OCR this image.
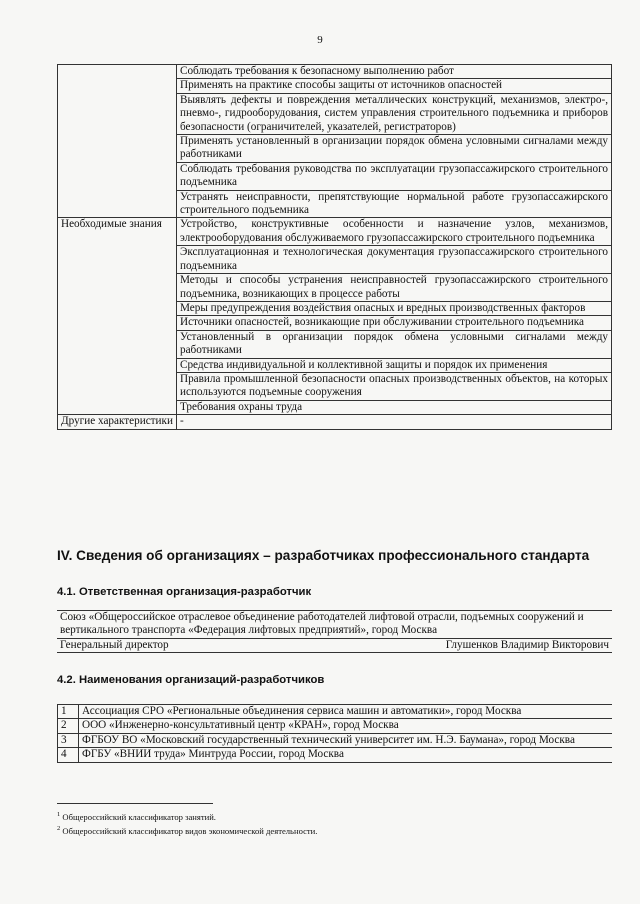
9
	Соблюдать требования к безопасному выполнению работ
	Применять на практике способы защиты от источников опасностей
	Выявлять дефекты и повреждения металлических конструкций, механизмов, электро-, пневмо-, гидрооборудования, систем управления строительного подъемника и приборов безопасности (ограничителей, указателей, регистраторов)
	Применять установленный в организации порядок обмена условными сигналами между работниками
	Соблюдать требования руководства по эксплуатации грузопассажирского строительного подъемника
	Устранять неисправности, препятствующие нормальной работе грузопассажирского строительного подъемника
Необходимые знания	Устройство, конструктивные особенности и назначение узлов, механизмов, электрооборудования обслуживаемого грузопассажирского строительного подъемника
	Эксплуатационная и технологическая документация грузопассажирского строительного подъемника
	Методы и способы устранения неисправностей грузопассажирского строительного подъемника, возникающих в процессе работы
	Меры предупреждения воздействия опасных и вредных производственных факторов
	Источники опасностей, возникающие при обслуживании строительного подъемника
	Установленный в организации порядок обмена условными сигналами между работниками
	Средства индивидуальной и коллективной защиты и порядок их применения
	Правила промышленной безопасности опасных производственных объектов, на которых используются подъемные сооружения
	Требования охраны труда
Другие характеристики	-
IV. Сведения об организациях – разработчиках профессионального стандарта
4.1. Ответственная организация-разработчик
Союз «Общероссийское отраслевое объединение работодателей лифтовой отрасли, подъемных сооружений и вертикального транспорта «Федерация лифтовых предприятий», город Москва

Генеральный директор	Глушенков Владимир Викторович
4.2. Наименования организаций-разработчиков
1	Ассоциация СРО «Региональные объединения сервиса машин и автоматики», город Москва
2	ООО «Инженерно-консультативный центр «КРАН», город Москва
3	ФГБОУ ВО «Московский государственный технический университет им. Н.Э. Баумана», город Москва
4	ФГБУ «ВНИИ труда» Минтруда России, город Москва

$^1$ Общероссийский классификатор занятий.

$^2$ Общероссийский классификатор видов экономической деятельности.
